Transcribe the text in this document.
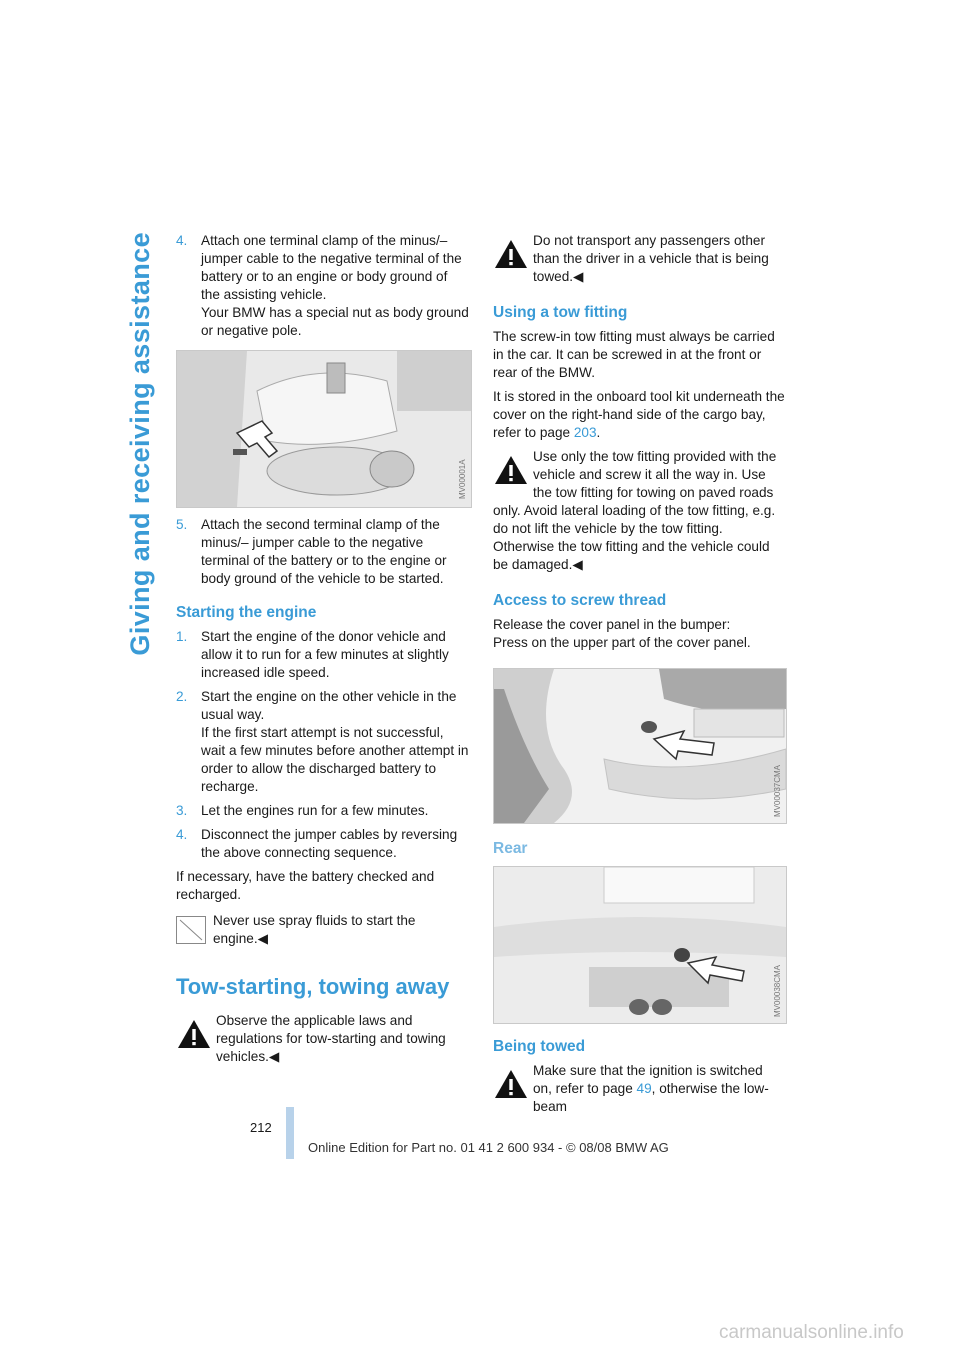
Giving and receiving assistance	4. Attach one terminal clamp of the minus/– jumper cable to the negative terminal of the battery or to an engine or body ground of the assisting vehicle.
Your BMW has a special nut as body ground or negative pole.
MV00001A
5. Attach the second terminal clamp of the minus/– jumper cable to the negative terminal of the battery or to the engine or body ground of the vehicle to be started.
Starting the engine
1. Start the engine of the donor vehicle and allow it to run for a few minutes at slightly increased idle speed.
2. Start the engine on the other vehicle in the usual way.
If the first start attempt is not successful, wait a few minutes before another attempt in order to allow the discharged battery to recharge.
3. Let the engines run for a few minutes.
4. Disconnect the jumper cables by reversing the above connecting sequence.

If necessary, have the battery checked and recharged.

Never use spray fluids to start the engine.◀
Tow-starting, towing away
Observe the applicable laws and regulations for tow-starting and towing vehicles.◀
Do not transport any passengers other than the driver in a vehicle that is being towed.◀
Using a tow fitting

The screw-in tow fitting must always be carried in the car. It can be screwed in at the front or rear of the BMW.

It is stored in the onboard tool kit underneath the cover on the right-hand side of the cargo bay, refer to page 203.

Use only the tow fitting provided with the vehicle and screw it all the way in. Use the tow fitting for towing on paved roads only. Avoid lateral loading of the tow fitting, e.g. do not lift the vehicle by the tow fitting. Otherwise the tow fitting and the vehicle could be damaged.◀
Access to screw thread
Release the cover panel in the bumper:
Press on the upper part of the cover panel.
MV00037CMA
Rear
MV00038CMA
Being towed
Make sure that the ignition is switched on, refer to page 49, otherwise the low-beam
212
Online Edition for Part no. 01 41 2 600 934 - © 08/08 BMW AG
carmanualsonline.info
